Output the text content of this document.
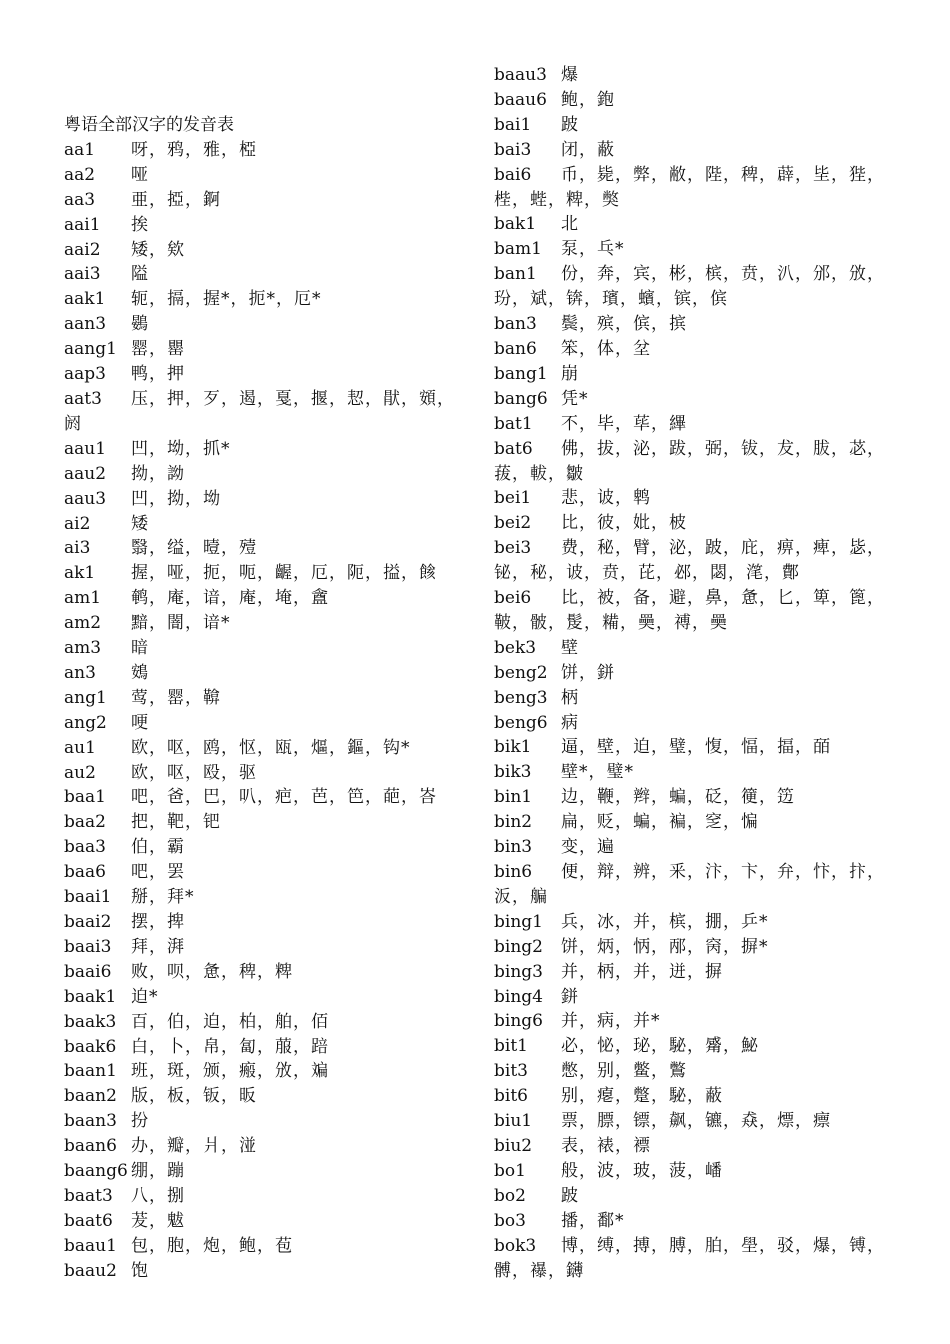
粤语全部汉字的发音表
aa1 呀，鸦，雅，椏
aa2 哑
aa3 亜，掗，錒
aai1 挨
aai2 矮，欸
aai3 隘
aak1 轭，搹，握*，扼*，厄*
aan3 鷃
aang1 罂，罌
aap3 鸭，押
aat3 压，押，歹，遏，戛，揠，恝，猒，頞，
阏
aau1 凹，坳，抓*
aau2 拗，詏
aau3 凹，拗，坳
ai2 矮
ai3 翳，缢，曀，殪
ak1 握，哑，扼，呃，齷，厄，阨，搤，餩
am1 鹌，庵，谙，庵，埯，盦
am2 黯，闇，谙*
am3 暗
an3 鴳
ang1 莺，罂，鞥
ang2 哽
au1 欧，呕，鸥，怄，瓯，熰，鏂，钩*
au2 欧，呕，殴，驱
baa1 吧，爸，巴，叭，疤，芭，笆，葩，峇
baa2 把，靶，钯
baa3 伯，霸
baa6 吧，罢
baai1 掰，拜*
baai2 摆，捭
baai3 拜，湃
baai6 败，呗，惫，稗，粺
baak1 迫*
baak3 百，伯，迫，柏，舶，佰
baak6 白，卜，帛，匐，菔，踣
baan1 班，斑，颁，瘢，攽，斒
baan2 版，板，钣，昄
baan3 扮
baan6 办，瓣，爿，湴
baang6 绷，蹦
baat3 八，捌
baat6 茇，魃
baau1 包，胞，炮，鲍，苞
baau2 饱
baau3 爆
baau6 鲍，鉋
bai1 跛
bai3 闭，蔽
bai6 币，毙，弊，敝，陛，稗，薜，坒，狴，
梐，蜌，粺，獘
bak1 北
bam1 泵，乓*
ban1 份，奔，宾，彬，槟，贲，汃，邠，攽，
玢，斌，锛，璸，蠙，镔，傧
ban3 鬓，殡，傧，摈
ban6 笨，体，坌
bang1 崩
bang6 凭*
bat1 不，毕，荜，縪
bat6 佛，拔，泌，跋，弼，钹，犮，胈，苾，
菝，軷，皺
bei1 悲，诐，鹎
bei2 比，彼，妣，柀
bei3 费，秘，臂，泌，跛，庇，痹，痺，毖，
铋，秘，诐，贲，芘，邲，閟，滗，鄪
bei6 比，被，备，避，鼻，惫，匕，箄，篦，
鞁，骳，髲，糒，奰，禣，奰
bek3 壁
beng2 饼，鉼
beng3 柄
beng6 病
bik1 逼，壁，迫，璧，愎，愊，揊，皕
bik3 壁*，璧*
bin1 边，鞭，辫，蝙，砭，箯，笾
bin2 扁，贬，蝙，褊，窆，惼
bin3 变，遍
bin6 便，辩，辨，釆，汴，卞，弁，忭，抃，
汳，艑
bing1 兵，冰，并，槟，掤，乒*
bing2 饼，炳，怲，邴，窉，摒*
bing3 并，柄，并，迸，摒
bing4 鉼
bing6 并，病，并*
bit1 必，怭，珌，駜，觱，鮅
bit3 憋，别，鳖，鷩
bit6 别，瘪，蹩，駜，蔽
biu1 票，膘，镖，飙，镳，猋，熛，瘭
biu2 表，裱，褾
bo1 般，波，玻，菠，嶓
bo2 跛
bo3 播，鄱*
bok3 博，缚，搏，膊，胉，壆，驳，爆，镈，
髆，襮，鑮
